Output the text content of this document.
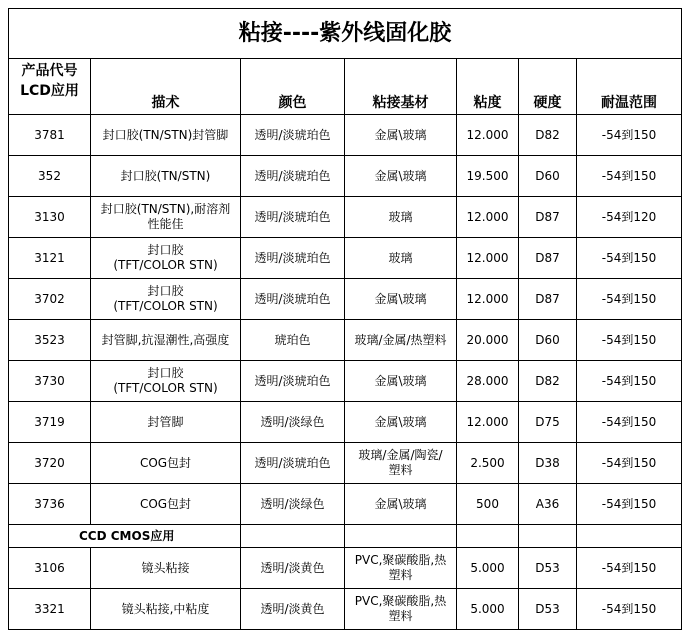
粘接----紫外线固化胶						

产品代号
LCD应用	描术	颜色	粘接基材	粘度	硬度	耐温范围
3781	封口胶(TN/STN)封管脚	透明/淡琥珀色	金属\玻璃	12.000	D82	-54到150
352	封口胶(TN/STN)	透明/淡琥珀色	金属\玻璃	19.500	D60	-54到150
3130	封口胶(TN/STN),耐溶剂
性能佳	透明/淡琥珀色	玻璃	12.000	D87	-54到120
3121	封口胶
(TFT/COLOR STN)	透明/淡琥珀色	玻璃	12.000	D87	-54到150
3702	封口胶
(TFT/COLOR STN)	透明/淡琥珀色	金属\玻璃	12.000	D87	-54到150
3523	封管脚,抗湿潮性,高强度	琥珀色	玻璃/金属/热塑料	20.000	D60	-54到150
3730	封口胶
(TFT/COLOR STN)	透明/淡琥珀色	金属\玻璃	28.000	D82	-54到150
3719	封管脚	透明/淡绿色	金属\玻璃	12.000	D75	-54到150
3720	COG包封	透明/淡琥珀色	玻璃/金属/陶瓷/
塑料	2.500	D38	-54到150
3736	COG包封	透明/淡绿色	金属\玻璃	500	A36	-54到150
CCD CMOS应用						
3106	镜头粘接	透明/淡黄色	PVC,聚碳酸脂,热
塑料	5.000	D53	-54到150
3321	镜头粘接,中粘度	透明/淡黄色	PVC,聚碳酸脂,热
塑料	5.000	D53	-54到150
